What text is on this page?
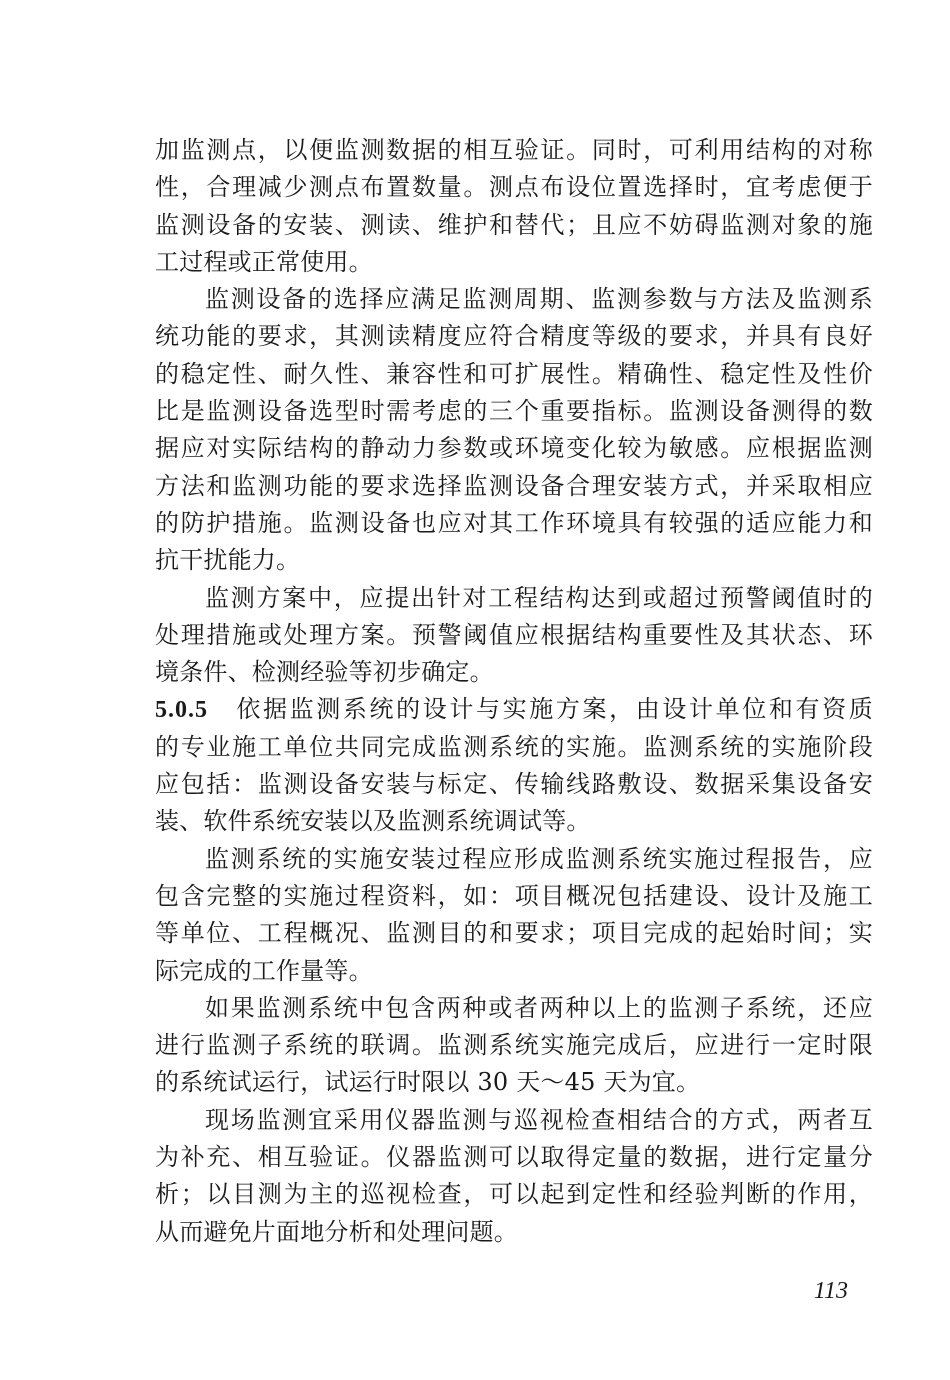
加监测点，以便监测数据的相互验证。同时，可利用结构的对称
性，合理减少测点布置数量。测点布设位置选择时，宜考虑便于
监测设备的安装、测读、维护和替代；且应不妨碍监测对象的施
工过程或正常使用。
监测设备的选择应满足监测周期、监测参数与方法及监测系
统功能的要求，其测读精度应符合精度等级的要求，并具有良好
的稳定性、耐久性、兼容性和可扩展性。精确性、稳定性及性价
比是监测设备选型时需考虑的三个重要指标。监测设备测得的数
据应对实际结构的静动力参数或环境变化较为敏感。应根据监测
方法和监测功能的要求选择监测设备合理安装方式，并采取相应
的防护措施。监测设备也应对其工作环境具有较强的适应能力和
抗干扰能力。
监测方案中，应提出针对工程结构达到或超过预警阈值时的
处理措施或处理方案。预警阈值应根据结构重要性及其状态、环
境条件、检测经验等初步确定。
5.0.5 依据监测系统的设计与实施方案，由设计单位和有资质
的专业施工单位共同完成监测系统的实施。监测系统的实施阶段
应包括：监测设备安装与标定、传输线路敷设、数据采集设备安
装、软件系统安装以及监测系统调试等。
监测系统的实施安装过程应形成监测系统实施过程报告，应
包含完整的实施过程资料，如：项目概况包括建设、设计及施工
等单位、工程概况、监测目的和要求；项目完成的起始时间；实
际完成的工作量等。
如果监测系统中包含两种或者两种以上的监测子系统，还应
进行监测子系统的联调。监测系统实施完成后，应进行一定时限
的系统试运行，试运行时限以 30 天～45 天为宜。
现场监测宜采用仪器监测与巡视检查相结合的方式，两者互
为补充、相互验证。仪器监测可以取得定量的数据，进行定量分
析；以目测为主的巡视检查，可以起到定性和经验判断的作用，
从而避免片面地分析和处理问题。
113
